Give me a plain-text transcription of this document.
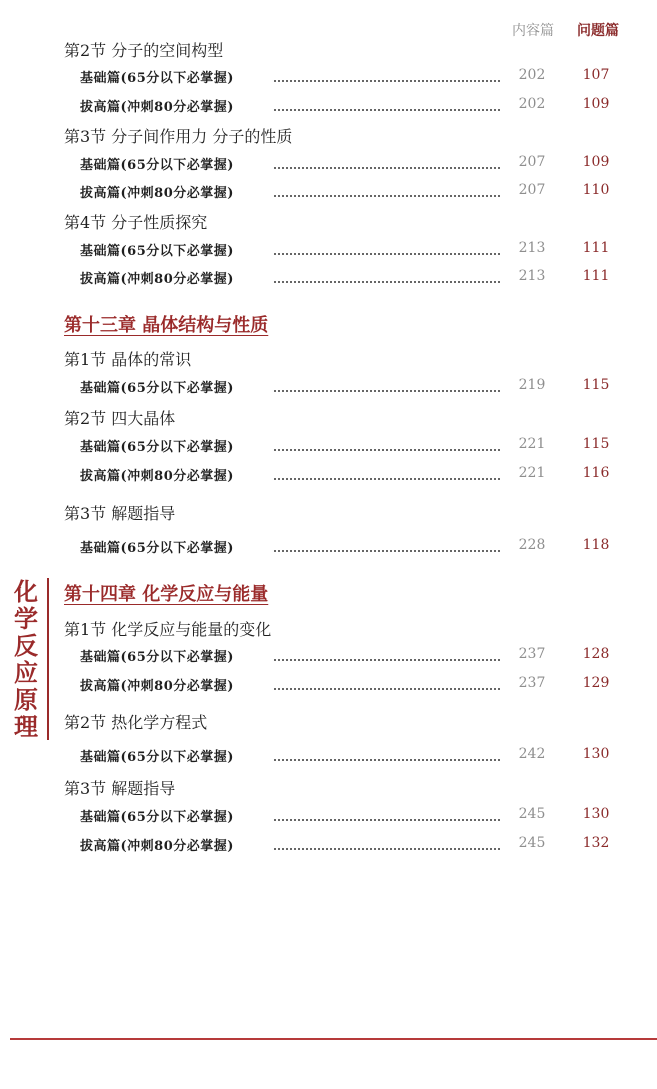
内容篇 问题篇
第2节 分子的空间构型
基础篇(65分以下必掌握)	202	107
拔高篇(冲刺80分必掌握)	202	109
第3节 分子间作用力 分子的性质
基础篇(65分以下必掌握)	207	109
拔高篇(冲刺80分必掌握)	207	110
第4节 分子性质探究
基础篇(65分以下必掌握)	213	111
拔高篇(冲刺80分必掌握)	213	111
第十三章 晶体结构与性质
第1节 晶体的常识
基础篇(65分以下必掌握)	219	115
第2节 四大晶体
基础篇(65分以下必掌握)	221	115
拔高篇(冲刺80分必掌握)	221	116
第3节 解题指导
基础篇(65分以下必掌握)	228	118
第十四章 化学反应与能量
第1节 化学反应与能量的变化
基础篇(65分以下必掌握)	237	128
拔高篇(冲刺80分必掌握)	237	129
第2节 热化学方程式
基础篇(65分以下必掌握)	242	130
第3节 解题指导
基础篇(65分以下必掌握)	245	130
拔高篇(冲刺80分必掌握)	245	132
化
学
反
应
原
理
